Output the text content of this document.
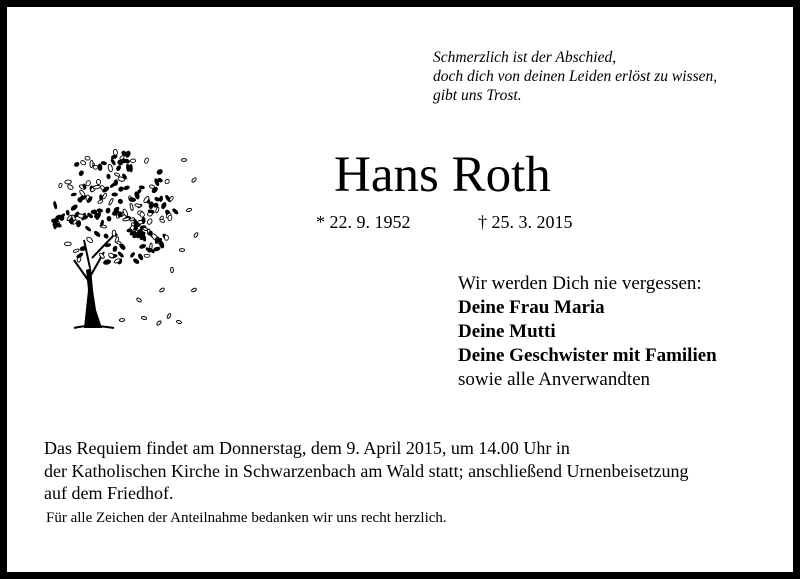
Schmerzlich ist der Abschied,
doch dich von deinen Leiden erlöst zu wissen,
gibt uns Trost.
Hans Roth
* 22. 9. 1952	† 25. 3. 2015
Wir werden Dich nie vergessen:
Deine Frau Maria
Deine Mutti
Deine Geschwister mit Familien
sowie alle Anverwandten
Das Requiem findet am Donnerstag, dem 9. April 2015, um 14.00 Uhr in
der Katholischen Kirche in Schwarzenbach am Wald statt; anschließend Urnenbeisetzung
auf dem Friedhof.
Für alle Zeichen der Anteilnahme bedanken wir uns recht herzlich.
